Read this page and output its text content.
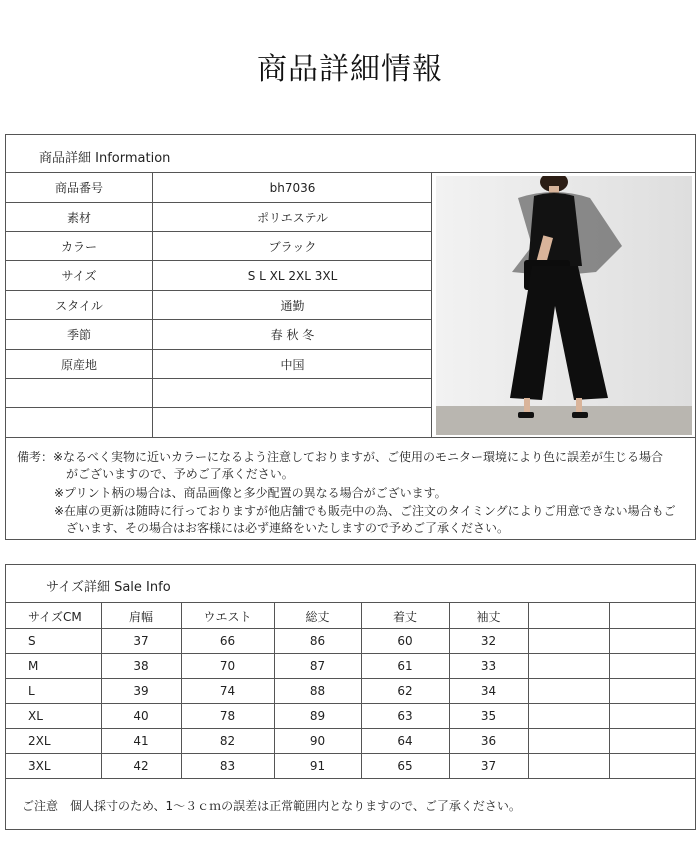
商品詳細情報
商品詳細 Information
商品番号	bh7036
素材	ポリエステル
カラー	ブラック
サイズ	S L XL 2XL 3XL
スタイル	通勤
季節	春 秋 冬
原産地	中国
備考：※なるべく実物に近いカラーになるよう注意しておりますが、ご使用のモニター環境により色に誤差が生じる場合
がございますので、予めご了承ください。
※プリント柄の場合は、商品画像と多少配置の異なる場合がございます。
※在庫の更新は随時に行っておりますが他店舗でも販売中の為、ご注文のタイミングによりご用意できない場合もご
ざいます、その場合はお客様には必ず連絡をいたしますので予めご了承ください。
サイズ詳細 Sale Info
サイズCM	肩幅	ウエスト	総丈	着丈	袖丈
S	37	66	86	60	32
M	38	70	87	61	33
L	39	74	88	62	34
XL	40	78	89	63	35
2XL	41	82	90	64	36
3XL	42	83	91	65	37
ご注意　個人採寸のため、1～３ｃｍの誤差は正常範囲内となりますので、ご了承ください。
